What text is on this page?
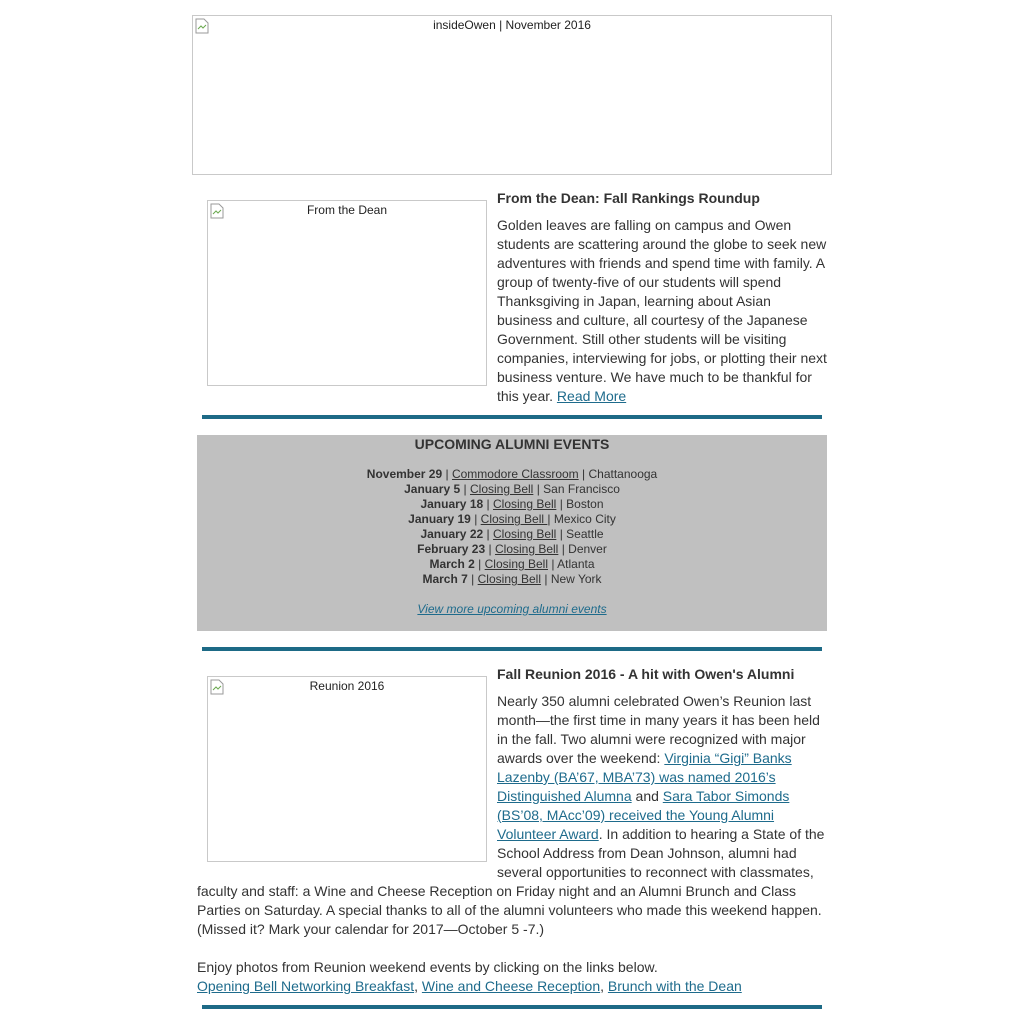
insideOwen | November 2016
From the Dean
From the Dean: Fall Rankings Roundup
Golden leaves are falling on campus and Owen students are scattering around the globe to seek new adventures with friends and spend time with family. A group of twenty-five of our students will spend Thanksgiving in Japan, learning about Asian business and culture, all courtesy of the Japanese Government. Still other students will be visiting companies, interviewing for jobs, or plotting their next business venture. We have much to be thankful for this year. Read More
UPCOMING ALUMNI EVENTS
November 29 | Commodore Classroom | Chattanooga
January 5 | Closing Bell | San Francisco
January 18 | Closing Bell | Boston
January 19 | Closing Bell | Mexico City
January 22 | Closing Bell | Seattle
February 23 | Closing Bell | Denver
March 2 | Closing Bell | Atlanta
March 7 | Closing Bell | New York
View more upcoming alumni events
Reunion 2016
Fall Reunion 2016 - A hit with Owen's Alumni
Nearly 350 alumni celebrated Owen’s Reunion last month—the first time in many years it has been held in the fall. Two alumni were recognized with major awards over the weekend: Virginia “Gigi” Banks Lazenby (BA’67, MBA’73) was named 2016’s Distinguished Alumna and Sara Tabor Simonds (BS’08, MAcc’09) received the Young Alumni Volunteer Award. In addition to hearing a State of the School Address from Dean Johnson, alumni had several opportunities to reconnect with classmates, faculty and staff: a Wine and Cheese Reception on Friday night and an Alumni Brunch and Class Parties on Saturday. A special thanks to all of the alumni volunteers who made this weekend happen. (Missed it? Mark your calendar for 2017—October 5 -7.)
Enjoy photos from Reunion weekend events by clicking on the links below.
Opening Bell Networking Breakfast, Wine and Cheese Reception, Brunch with the Dean
